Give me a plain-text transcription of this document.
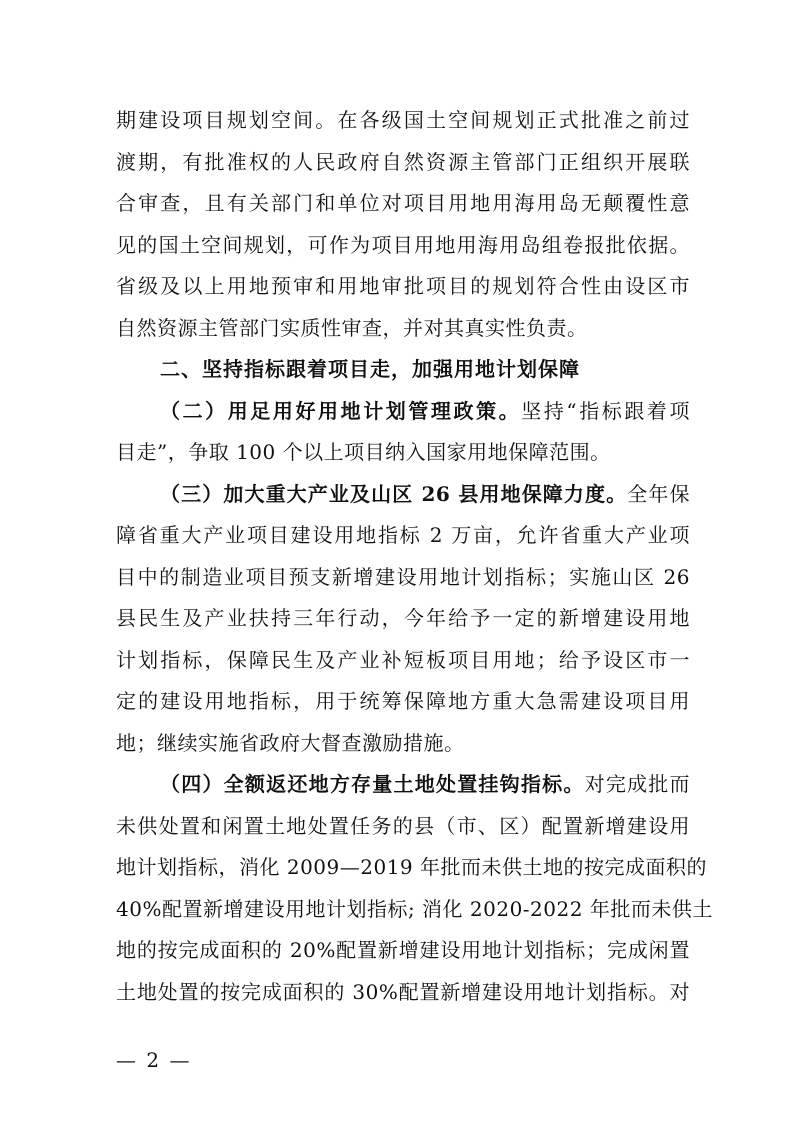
期建设项目规划空间。在各级国土空间规划正式批准之前过
渡期，有批准权的人民政府自然资源主管部门正组织开展联
合审查，且有关部门和单位对项目用地用海用岛无颠覆性意
见的国土空间规划，可作为项目用地用海用岛组卷报批依据。
省级及以上用地预审和用地审批项目的规划符合性由设区市
自然资源主管部门实质性审查，并对其真实性负责。
二、坚持指标跟着项目走，加强用地计划保障
（二）用足用好用地计划管理政策。坚持“指标跟着项
目走”，争取 100 个以上项目纳入国家用地保障范围。
（三）加大重大产业及山区 26 县用地保障力度。全年保
障省重大产业项目建设用地指标 2 万亩，允许省重大产业项
目中的制造业项目预支新增建设用地计划指标；实施山区 26
县民生及产业扶持三年行动，今年给予一定的新增建设用地
计划指标，保障民生及产业补短板项目用地；给予设区市一
定的建设用地指标，用于统筹保障地方重大急需建设项目用
地；继续实施省政府大督查激励措施。
（四）全额返还地方存量土地处置挂钩指标。对完成批而
未供处置和闲置土地处置任务的县（市、区）配置新增建设用
地计划指标，消化 2009—2019 年批而未供土地的按完成面积的
40%配置新增建设用地计划指标; 消化 2020-2022 年批而未供土
地的按完成面积的 20%配置新增建设用地计划指标；完成闲置
土地处置的按完成面积的 30%配置新增建设用地计划指标。对
— 2 —
